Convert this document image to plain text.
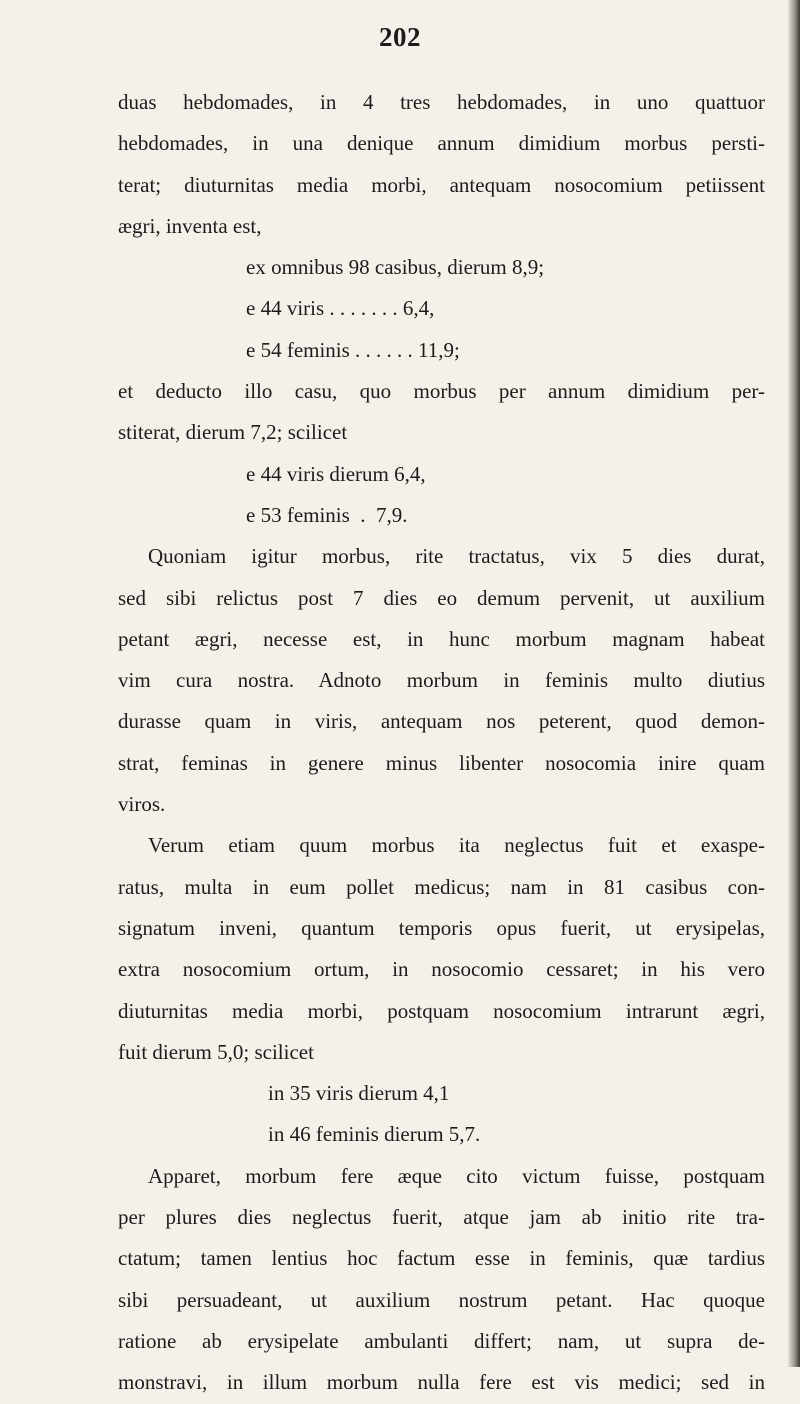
202
duas hebdomades, in 4 tres hebdomades, in uno quattuor
hebdomades, in una denique annum dimidium morbus persti-
terat; diuturnitas media morbi, antequam nosocomium petiissent
ægri, inventa est,
ex omnibus 98 casibus, dierum 8,9;
e 44 viris . . . . . . . 6,4,
e 54 feminis . . . . . . 11,9;
et deducto illo casu, quo morbus per annum dimidium per-
stiterat, dierum 7,2; scilicet
e 44 viris dierum 6,4,
e 53 feminis  .  7,9.
Quoniam igitur morbus, rite tractatus, vix 5 dies durat,
sed sibi relictus post 7 dies eo demum pervenit, ut auxilium
petant ægri, necesse est, in hunc morbum magnam habeat
vim cura nostra. Adnoto morbum in feminis multo diutius
durasse quam in viris, antequam nos peterent, quod demon-
strat, feminas in genere minus libenter nosocomia inire quam
viros.
Verum etiam quum morbus ita neglectus fuit et exaspe-
ratus, multa in eum pollet medicus; nam in 81 casibus con-
signatum inveni, quantum temporis opus fuerit, ut erysipelas,
extra nosocomium ortum, in nosocomio cessaret; in his vero
diuturnitas media morbi, postquam nosocomium intrarunt ægri,
fuit dierum 5,0; scilicet
in 35 viris dierum 4,1
in 46 feminis dierum 5,7.
Apparet, morbum fere æque cito victum fuisse, postquam
per plures dies neglectus fuerit, atque jam ab initio rite tra-
ctatum; tamen lentius hoc factum esse in feminis, quæ tardius
sibi persuadeant, ut auxilium nostrum petant. Hac quoque
ratione ab erysipelate ambulanti differt; nam, ut supra de-
monstravi, in illum morbum nulla fere est vis medici; sed in
